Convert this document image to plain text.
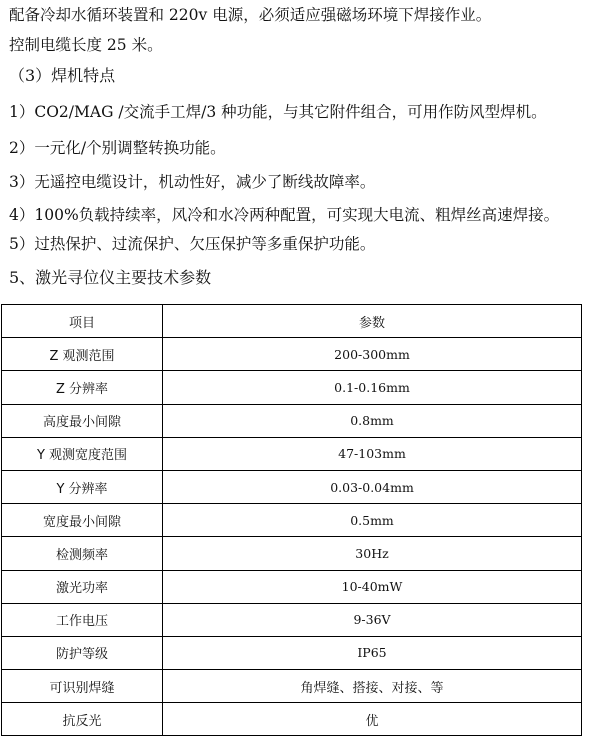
配备冷却水循环装置和 220v 电源，必须适应强磁场环境下焊接作业。
控制电缆长度 25 米。
（3）焊机特点
1）CO2/MAG /交流手工焊/3 种功能，与其它附件组合，可用作防风型焊机。
2）一元化/个别调整转换功能。
3）无遥控电缆设计，机动性好，减少了断线故障率。
4）100%负载持续率，风冷和水冷两种配置，可实现大电流、粗焊丝高速焊接。
5）过热保护、过流保护、欠压保护等多重保护功能。
5、激光寻位仪主要技术参数
项目	参数
Z 观测范围	200-300mm
Z 分辨率	0.1-0.16mm
高度最小间隙	0.8mm
Y 观测宽度范围	47-103mm
Y 分辨率	0.03-0.04mm
宽度最小间隙	0.5mm
检测频率	30Hz
激光功率	10-40mW
工作电压	9-36V
防护等级	IP65
可识别焊缝	角焊缝、搭接、对接、等
抗反光	优
